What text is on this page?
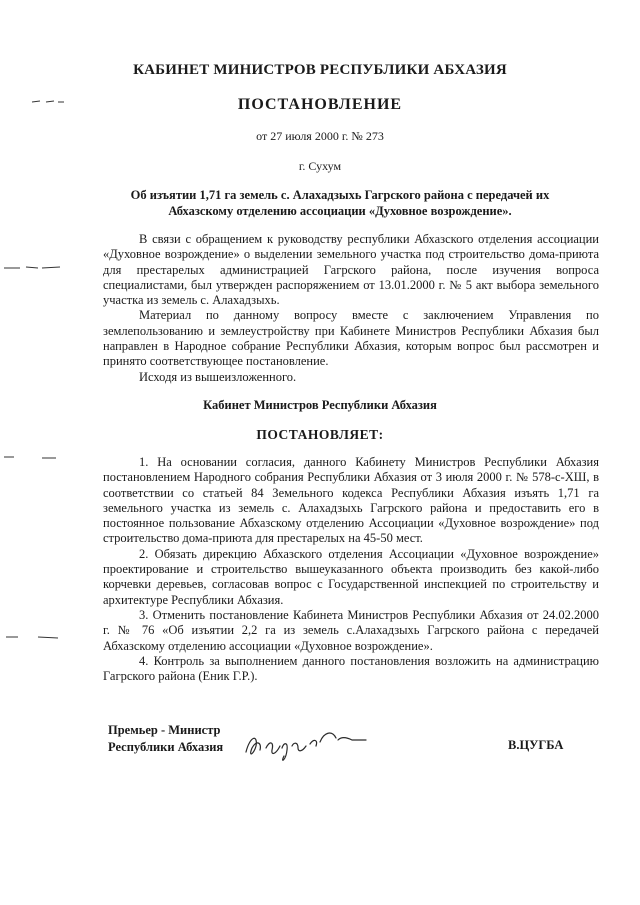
КАБИНЕТ МИНИСТРОВ РЕСПУБЛИКИ АБХАЗИЯ
ПОСТАНОВЛЕНИЕ
от 27 июля 2000 г. № 273
г. Сухум
Об изъятии 1,71 га земель с. Алахадзыхь Гагрского района с передачей их Абхазскому отделению ассоциации «Духовное возрождение».

В связи с обращением к руководству республики Абхазского отделения ассоциации «Духовное возрождение» о выделении земельного участка под строительство дома-приюта для престарелых администрацией Гагрского района, после изучения вопроса специалистами, был утвержден распоряжением от 13.01.2000 г. № 5 акт выбора земельного участка из земель с. Алахадзыхь.

Материал по данному вопросу вместе с заключением Управления по землепользованию и землеустройству при Кабинете Министров Республики Абхазия был направлен в Народное собрание Республики Абхазия, которым вопрос был рассмотрен и принято соответствующее постановление.

Исходя из вышеизложенного.

Кабинет Министров Республики Абхазия
ПОСТАНОВЛЯЕТ:

1. На основании согласия, данного Кабинету Министров Республики Абхазия постановлением Народного собрания Республики Абхазия от 3 июля 2000 г. № 578-с-ХШ, в соответствии со статьей 84 Земельного кодекса Республики Абхазия изъять 1,71 га земельного участка из земель с. Алахадзыхь Гагрского района и предоставить его в постоянное пользование Абхазскому отделению Ассоциации «Духовное возрождение» под строительство дома-приюта для престарелых на 45-50 мест.

2. Обязать дирекцию Абхазского отделения Ассоциации «Духовное возрождение» проектирование и строительство вышеуказанного объекта производить без какой-либо корчевки деревьев, согласовав вопрос с Государственной инспекцией по строительству и архитектуре Республики Абхазия.

3. Отменить постановление Кабинета Министров Республики Абхазия от 24.02.2000 г. № 76 «Об изъятии 2,2 га из земель с.Алахадзыхь Гагрского района с передачей Абхазскому отделению ассоциации «Духовное возрождение».

4. Контроль за выполнением данного постановления возложить на администрацию Гагрского района (Еник Г.Р.).

Премьер - Министр
Республики Абхазия	В.ЦУГБА
